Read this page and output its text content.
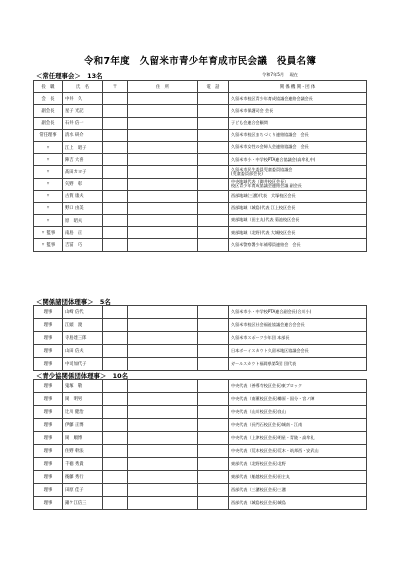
令和7年度　久留米市青少年育成市民会議　役員名簿
＜常任理事会＞　13名	令和7年5月　 現在
役　職	氏　名	〒	住　所	電　話	関 係 機 関・団 体
会　長	中井　久				久留米市校区青少年育成協議会連絡会議会長

副会長	星子 光記				久留米市保護司会 会長

副会長	石井 信一				子ども会連合会顧問

常任理事	清水 研介				久留米市校区まちづくり連絡協議会　会長

〃	江上　昭子				久留米市女性の会婦人会連絡協議会　会長

〃	陣吉 大喜				久留米市小・中学校PTA連合協議会(高牟礼中)

〃	髙田カヨ子				久留米市民生委員児童委員協議会
(児童委員部会長)

〃	矢野　彰				中央地域代表（御井校区会長）
校区青少年育成協議会連絡会議 副会長

〃	古賀 康夫				西部地域(三潴)代表　犬塚校区会長

〃	野口 由美				西部地域（城島)代表 江上校区会長

〃	原　昭夫				東部地域（田主丸)代表 菊池校区会長

〃 監事	南島　正				東部地域（北野)代表 大城校区会長

〃 監事	吉冨　巧				久留米警察署少年補導員連絡会　会長
＜関係諸団体理事＞　5名
理事	山崎 信代				久留米市小・中学校PTA連合副会長(合川小)

理事	江頭　渡				久留米市校区社会福祉協議会連合会会長

理事	寺島達三郎				久留米市スポーツ少年団 本部長

理事	山田 信夫				日本ボーイスカウト久留米地区協議会会長

理事	中司加代子				ガールスカウト福岡県第5団 団代表
＜青少協関係団体理事＞　10名
理事	鬼塚　敬				中央代表（善導寺校区会長)東ブロック

理事	岡　明男				中央代表（南薫校区会長)櫛原・国分・宮ノ陣

理事	辻川 健治				中央代表（山川校区会長)良山

理事	伊藤 正博				中央代表（長門石校区会長)城南・江南

理事	岡　順博				中央代表（上津校区会長)明星・青陵・高牟礼

理事	住野 幹法				中央代表（荒木校区会長)荒木・筑邦西・安武山

理事	千徳 秀貴				東部代表（北野校区会長)北野

理事	後藤 秀行				東部代表（船越校区会長)田主丸

理事	田原 佳子				西部代表（三潴校区会長)三潴

理事	錦ケ江信三				西部代表（城島校区会長)城島
